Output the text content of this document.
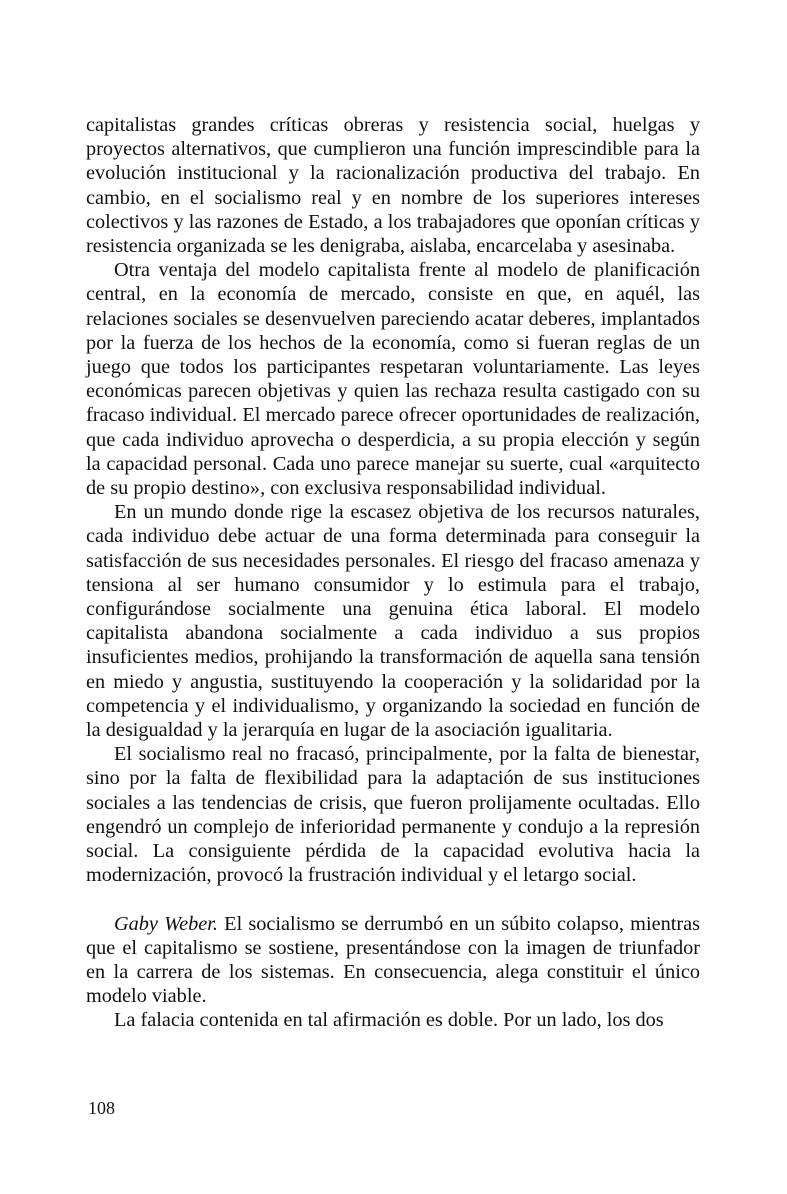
capitalistas grandes críticas obreras y resistencia social, huelgas y proyectos alternativos, que cumplieron una función imprescindible para la evolución institucional y la racionalización productiva del trabajo. En cambio, en el socialismo real y en nombre de los superiores intereses colectivos y las razones de Estado, a los trabajadores que oponían críticas y resistencia organizada se les denigraba, aislaba, encarcelaba y asesinaba.

Otra ventaja del modelo capitalista frente al modelo de planificación central, en la economía de mercado, consiste en que, en aquél, las relaciones sociales se desenvuelven pareciendo acatar deberes, implantados por la fuerza de los hechos de la economía, como si fueran reglas de un juego que todos los participantes respetaran voluntariamente. Las leyes económicas parecen objetivas y quien las rechaza resulta castigado con su fracaso individual. El mercado parece ofrecer oportunidades de realización, que cada individuo aprovecha o desperdicia, a su propia elección y según la capacidad personal. Cada uno parece manejar su suerte, cual «arquitecto de su propio destino», con exclusiva responsabilidad individual.

En un mundo donde rige la escasez objetiva de los recursos naturales, cada individuo debe actuar de una forma determinada para conseguir la satisfacción de sus necesidades personales. El riesgo del fracaso amenaza y tensiona al ser humano consumidor y lo estimula para el trabajo, configurándose socialmente una genuina ética laboral. El modelo capitalista abandona socialmente a cada individuo a sus propios insuficientes medios, prohijando la transformación de aquella sana tensión en miedo y angustia, sustituyendo la cooperación y la solidaridad por la competencia y el individualismo, y organizando la sociedad en función de la desigualdad y la jerarquía en lugar de la asociación igualitaria.

El socialismo real no fracasó, principalmente, por la falta de bienestar, sino por la falta de flexibilidad para la adaptación de sus instituciones sociales a las tendencias de crisis, que fueron prolijamente ocultadas. Ello engendró un complejo de inferioridad permanente y condujo a la represión social. La consiguiente pérdida de la capacidad evolutiva hacia la modernización, provocó la frustración individual y el letargo social.

Gaby Weber. El socialismo se derrumbó en un súbito colapso, mientras que el capitalismo se sostiene, presentándose con la imagen de triunfador en la carrera de los sistemas. En consecuencia, alega constituir el único modelo viable.

La falacia contenida en tal afirmación es doble. Por un lado, los dos

108
